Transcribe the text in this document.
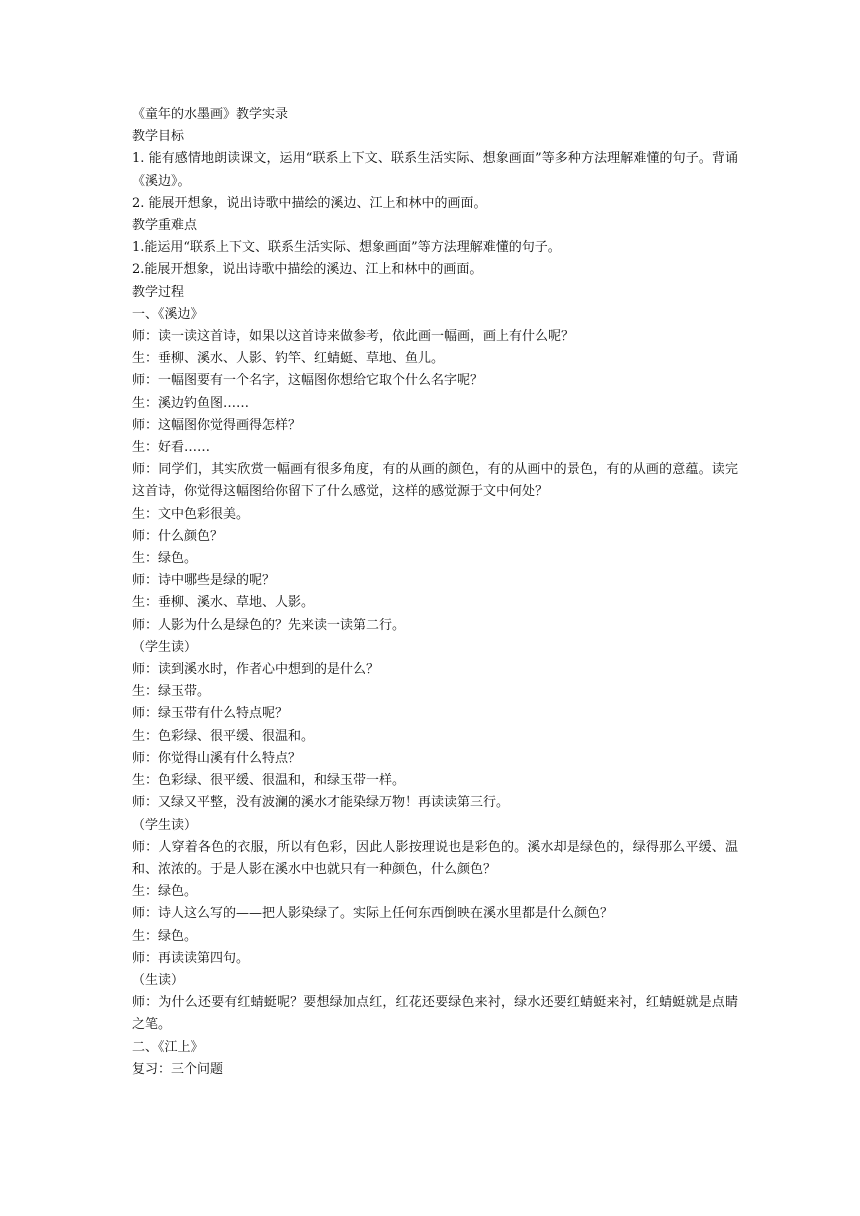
《童年的水墨画》教学实录
教学目标
1. 能有感情地朗读课文，运用“联系上下文、联系生活实际、想象画面”等多种方法理解难懂的句子。背诵《溪边》。
2. 能展开想象，说出诗歌中描绘的溪边、江上和林中的画面。
教学重难点
1.能运用“联系上下文、联系生活实际、想象画面”等方法理解难懂的句子。
2.能展开想象，说出诗歌中描绘的溪边、江上和林中的画面。
教学过程
一、《溪边》
师：读一读这首诗，如果以这首诗来做参考，依此画一幅画，画上有什么呢？
生：垂柳、溪水、人影、钓竿、红蜻蜓、草地、鱼儿。
师：一幅图要有一个名字，这幅图你想给它取个什么名字呢？
生：溪边钓鱼图……
师：这幅图你觉得画得怎样？
生：好看……
师：同学们，其实欣赏一幅画有很多角度，有的从画的颜色，有的从画中的景色，有的从画的意蕴。读完这首诗，你觉得这幅图给你留下了什么感觉，这样的感觉源于文中何处？
生：文中色彩很美。
师：什么颜色？
生：绿色。
师：诗中哪些是绿的呢？
生：垂柳、溪水、草地、人影。
师：人影为什么是绿色的？先来读一读第二行。
（学生读）
师：读到溪水时，作者心中想到的是什么？
生：绿玉带。
师：绿玉带有什么特点呢？
生：色彩绿、很平缓、很温和。
师：你觉得山溪有什么特点？
生：色彩绿、很平缓、很温和，和绿玉带一样。
师：又绿又平整，没有波澜的溪水才能染绿万物！再读读第三行。
（学生读）
师：人穿着各色的衣服，所以有色彩，因此人影按理说也是彩色的。溪水却是绿色的，绿得那么平缓、温和、浓浓的。于是人影在溪水中也就只有一种颜色，什么颜色？
生：绿色。
师：诗人这么写的——把人影染绿了。实际上任何东西倒映在溪水里都是什么颜色？
生：绿色。
师：再读读第四句。
（生读）
师：为什么还要有红蜻蜓呢？要想绿加点红，红花还要绿色来衬，绿水还要红蜻蜓来衬，红蜻蜓就是点睛之笔。
二、《江上》
复习：三个问题
